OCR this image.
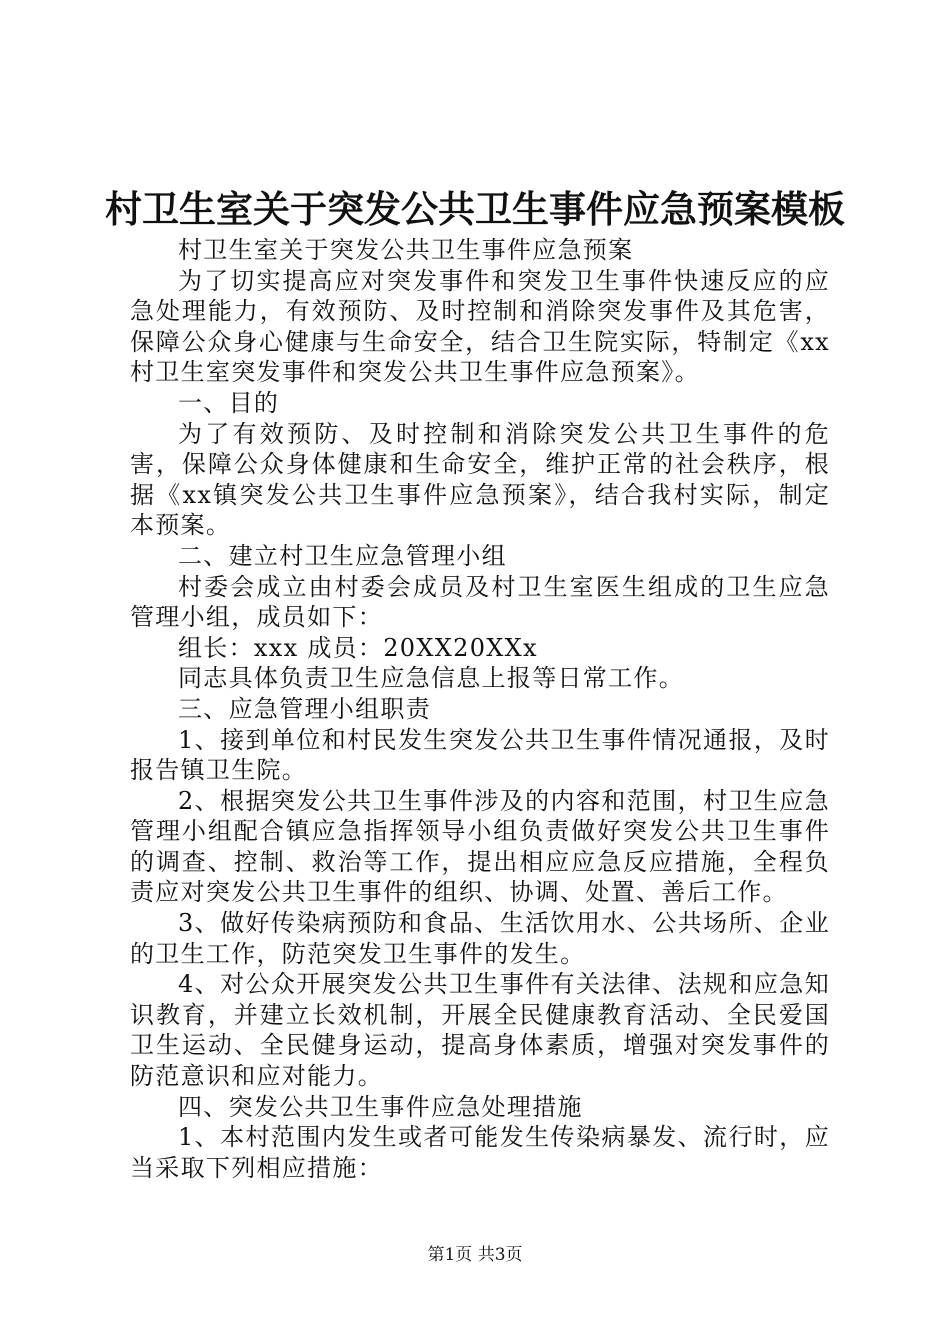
村卫生室关于突发公共卫生事件应急预案模板

村卫生室关于突发公共卫生事件应急预案

为了切实提高应对突发事件和突发卫生事件快速反应的应急处理能力，有效预防、及时控制和消除突发事件及其危害，保障公众身心健康与生命安全，结合卫生院实际，特制定《xx村卫生室突发事件和突发公共卫生事件应急预案》。

一、目的

为了有效预防、及时控制和消除突发公共卫生事件的危害，保障公众身体健康和生命安全，维护正常的社会秩序，根据《xx镇突发公共卫生事件应急预案》，结合我村实际，制定本预案。

二、建立村卫生应急管理小组

村委会成立由村委会成员及村卫生室医生组成的卫生应急管理小组，成员如下：

组长：xxx 成员：20XX20XXx

同志具体负责卫生应急信息上报等日常工作。

三、应急管理小组职责

1、接到单位和村民发生突发公共卫生事件情况通报，及时报告镇卫生院。

2、根据突发公共卫生事件涉及的内容和范围，村卫生应急管理小组配合镇应急指挥领导小组负责做好突发公共卫生事件的调查、控制、救治等工作，提出相应应急反应措施，全程负责应对突发公共卫生事件的组织、协调、处置、善后工作。

3、做好传染病预防和食品、生活饮用水、公共场所、企业的卫生工作，防范突发卫生事件的发生。

4、对公众开展突发公共卫生事件有关法律、法规和应急知识教育，并建立长效机制，开展全民健康教育活动、全民爱国卫生运动、全民健身运动，提高身体素质，增强对突发事件的防范意识和应对能力。

四、突发公共卫生事件应急处理措施

1、本村范围内发生或者可能发生传染病暴发、流行时，应当采取下列相应措施：

第1页 共3页
